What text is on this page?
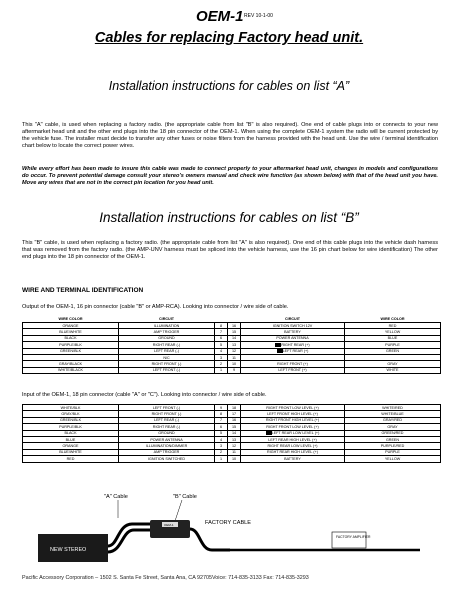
OEM-1 REV 10-1-00
Cables for replacing Factory head unit.
Installation instructions for cables on list “A”
This "A" cable, is used when replacing a factory radio. (the appropriate cable from list "B" is also required). One end of cable plugs into or connects to your new aftermarket head unit and the other end plugs into the 18 pin connector of the OEM-1. When using the complete OEM-1 system the radio will be current protected by the vehicle fuse. The installer must decide to transfer any other fuses or noise filters from the harness provided with the head unit. Use the wire / terminal identification chart below to locate the correct power wires.
While every effort has been made to insure this cable was made to connect properly to your aftermarket head unit, changes in models and configurations do occur. To prevent potential damage consult your stereo's owners manual and check wire function (as shown below) with that of the head unit you have. Move any wires that are not in the correct pin location for you head unit.
Installation instructions for cables on list “B”
This "B" cable, is used when replacing a factory radio. (the appropriate cable from list "A" is also required). One end of this cable plugs into the vehicle dash harness that was removed from the factory radio. (the AMP-UNV harness must be spliced into the vehicle harness, use the 16 pin chart below for wire identification) The other end plugs into the 18 pin connector of the OEM-1.
WIRE AND TERMINAL IDENTIFICATION
Output of the OEM-1, 16 pin connector (cable "B" or AMP-RCA). Looking into connector / wire side of cable.
WIRE COLOR	CIRCUIT			CIRCUIT	WIRE COLOR
ORANGE	ILLUMINATION	8	16	IGNITION SWITCH 12V	RED
BLUE/WHITE	AMP TRIGGER	7	15	BATTERY	YELLOW
BLACK	GROUND	6	14	POWER ANTENNA	BLUE
PURPLE/BLK	RIGHT REAR (-)	5	13	RIGHT REAR (+)	PURPLE
GREEN/BLK	LEFT REAR (-)	4	12	LEFT REAR (+)	GREEN
	N/C	3	11		
GRAY/BLACK	RIGHT FRONT (-)	2	10	RIGHT FRONT (+)	GRAY
WHITE/BLACK	LEFT FRONT (-)	1	9	LEFT FRONT (+)	WHITE
Input of the OEM-1, 18 pin connector (cable "A" or "C"). Looking into connector / wire side of cable.
WHITE/BLK	LEFT FRONT (-)	9	18	RIGHT FRONT LOW LEVEL (+)	WHITE/RED
GRAY/BLK	RIGHT FRONT (-)	8	17	LEFT FRONT HIGH LEVEL (+)	WHITE/BLUE
GREEN/BLK	LEFT REAR (-)	7	16	RIGHT FRONT HIGH LEVEL (+)	GRAY/RED
PURPLE/BLK	RIGHT REAR (-)	6	15	RIGHT FRONT LOW LEVEL (+)	GRAY
BLACK	GROUND	5	14	LEFT REAR LOW LEVEL (+)	GREEN/RED
BLUE	POWER ANTENNA	4	13	LEFT REAR HIGH LEVEL (+)	GREEN
ORANGE	ILLUMINATION/DIMMER	3	12	RIGHT REAR LOW LEVEL (+)	PURPLE/RED
BLUE/WHITE	AMP TRIGGER	2	11	RIGHT REAR HIGH LEVEL (+)	PURPLE
RED	IGNITION SWITCHED	1	10	BATTERY	YELLOW
"A" Cable	"B" Cable
NEW STEREO
OEM-1	FACTORY CABLE
FACTORY AMPLIFIER
Pacific Accessory Corporation – 1502 S. Santa Fe Street, Santa Ana, CA 92705Voice: 714-835-3133 Fax: 714-835-3293
